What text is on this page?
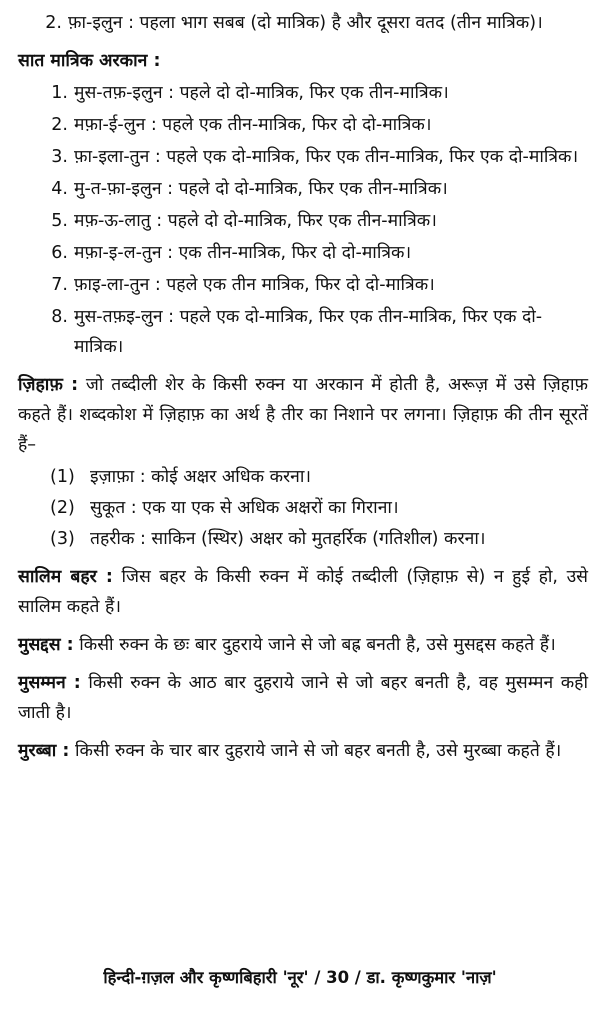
2. फ़ा-इलुन : पहला भाग सबब (दो मात्रिक) है और दूसरा वतद (तीन मात्रिक)।
सात मात्रिक अरकान :
1. मुस-तफ़-इलुन : पहले दो दो-मात्रिक, फिर एक तीन-मात्रिक।
2. मफ़ा-ई-लुन : पहले एक तीन-मात्रिक, फिर दो दो-मात्रिक।
3. फ़ा-इला-तुन : पहले एक दो-मात्रिक, फिर एक तीन-मात्रिक, फिर एक दो-मात्रिक।
4. मु-त-फ़ा-इलुन : पहले दो दो-मात्रिक, फिर एक तीन-मात्रिक।
5. मफ़-ऊ-लातु : पहले दो दो-मात्रिक, फिर एक तीन-मात्रिक।
6. मफ़ा-इ-ल-तुन : एक तीन-मात्रिक, फिर दो दो-मात्रिक।
7. फ़ाइ-ला-तुन : पहले एक तीन मात्रिक, फिर दो दो-मात्रिक।
8. मुस-तफ़इ-लुन : पहले एक दो-मात्रिक, फिर एक तीन-मात्रिक, फिर एक दो-मात्रिक।
ज़िहाफ़ : जो तब्दीली शेर के किसी रुक्न या अरकान में होती है, अरूज़ में उसे ज़िहाफ़ कहते हैं। शब्दकोश में ज़िहाफ़ का अर्थ है तीर का निशाने पर लगना। ज़िहाफ़ की तीन सूरतें हैं–
(1) इज़ाफ़ा : कोई अक्षर अधिक करना।
(2) सुकूत : एक या एक से अधिक अक्षरों का गिराना।
(3) तहरीक : साकिन (स्थिर) अक्षर को मुतहर्रिक (गतिशील) करना।
सालिम बहर : जिस बहर के किसी रुक्न में कोई तब्दीली (ज़िहाफ़ से) न हुई हो, उसे सालिम कहते हैं।
मुसद्दस : किसी रुक्न के छः बार दुहराये जाने से जो बह्र बनती है, उसे मुसद्दस कहते हैं।
मुसम्मन : किसी रुक्न के आठ बार दुहराये जाने से जो बहर बनती है, वह मुसम्मन कही जाती है।
मुरब्बा : किसी रुक्न के चार बार दुहराये जाने से जो बहर बनती है, उसे मुरब्बा कहते हैं।
हिन्दी-ग़ज़ल और कृष्णबिहारी 'नूर' / 30 / डा. कृष्णकुमार 'नाज़'
